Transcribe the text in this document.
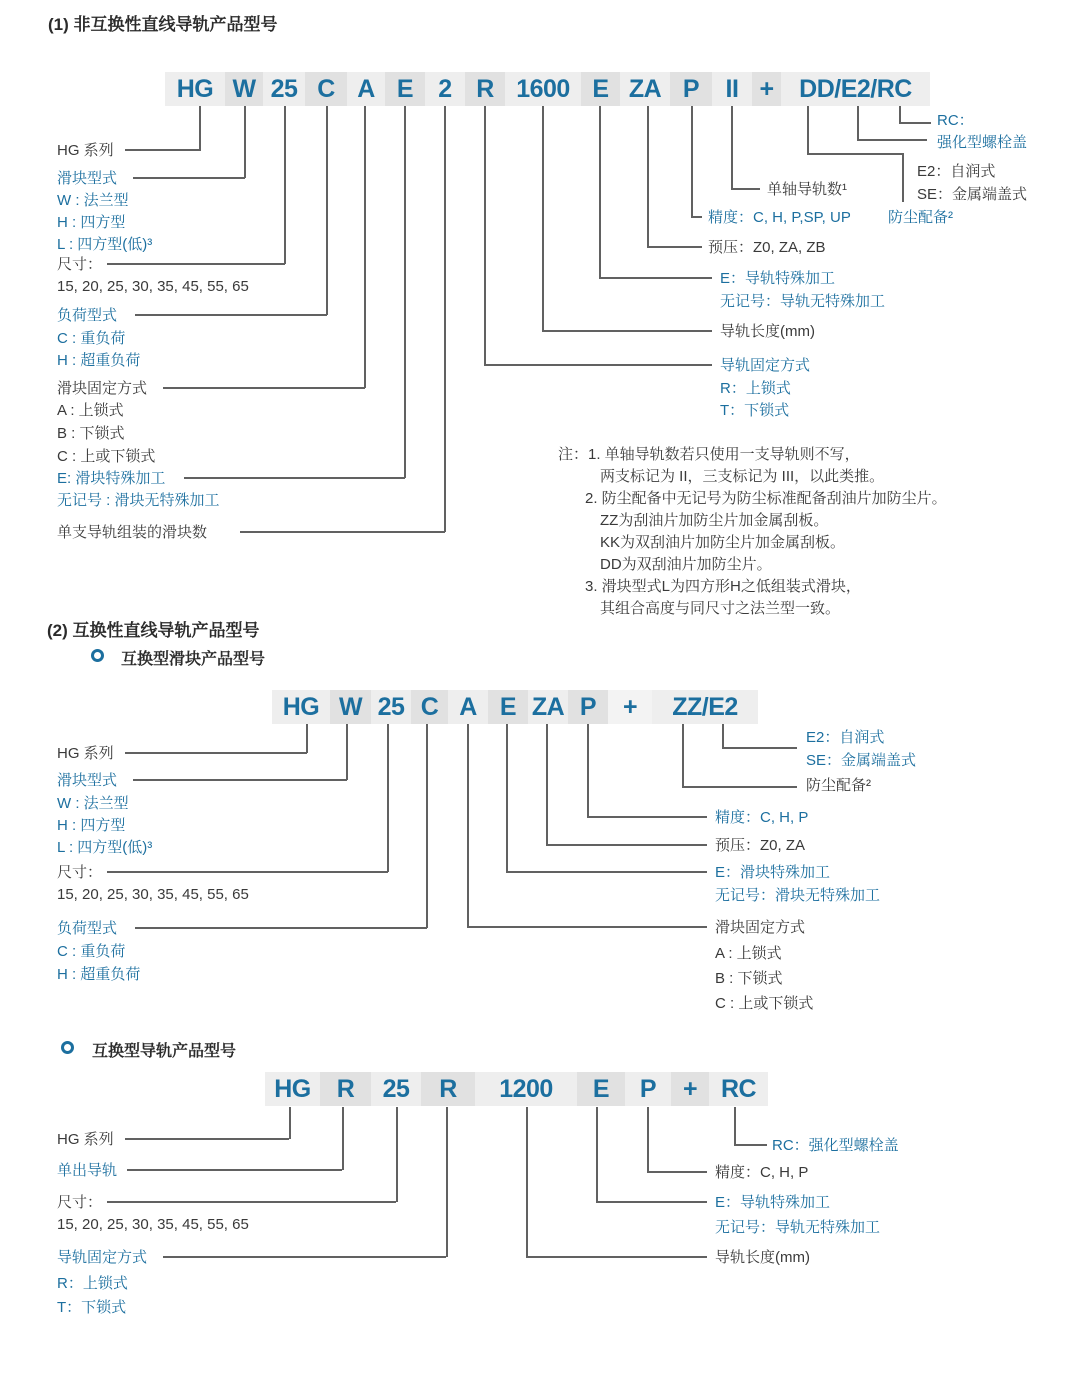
(1) 非互换性直线导轨产品型号
HG W 25 C A E	2 R 1600 E ZA P	II +	DD/E2/RC
HG 系列
滑块型式
W : 法兰型
H : 四方型
L : 四方型(低)³
尺寸：
15, 20, 25, 30, 35, 45, 55, 65
负荷型式
C : 重负荷
H : 超重负荷
滑块固定方式
A : 上锁式
B : 下锁式
C : 上或下锁式
E: 滑块特殊加工
无记号 : 滑块无特殊加工
单支导轨组装的滑块数
RC：
强化型螺栓盖
E2：自润式
SE：金属端盖式
单轴导轨数¹
精度：C, H, P,SP, UP 防尘配备²
预压：Z0, ZA, ZB
E：导轨特殊加工
无记号：导轨无特殊加工
导轨长度(mm)
导轨固定方式
R：上锁式
T：下锁式
注：1. 单轴导轨数若只使用一支导轨则不写，
两支标记为 II，三支标记为 III，以此类推。
2. 防尘配备中无记号为防尘标准配备刮油片加防尘片。
ZZ为刮油片加防尘片加金属刮板。
KK为双刮油片加防尘片加金属刮板。
DD为双刮油片加防尘片。
3. 滑块型式L为四方形H之低组装式滑块，
其组合高度与同尺寸之法兰型一致。
(2) 互换性直线导轨产品型号
互换型滑块产品型号
HG W 25 C A E ZA P	+	ZZ/E2
HG 系列
滑块型式
W : 法兰型
H : 四方型
L : 四方型(低)³
尺寸：
15, 20, 25, 30, 35, 45, 55, 65
负荷型式
C : 重负荷
H : 超重负荷
E2：自润式
SE：金属端盖式
防尘配备²
精度：C, H, P
预压：Z0, ZA
E：滑块特殊加工
无记号：滑块无特殊加工
滑块固定方式
A : 上锁式
B : 下锁式
C : 上或下锁式
互换型导轨产品型号
HG	R	25	R	1200	E	P	+ RC
HG 系列
单出导轨
尺寸：
15, 20, 25, 30, 35, 45, 55, 65
导轨固定方式
R：上锁式
T：下锁式
RC：强化型螺栓盖
精度：C, H, P
E：导轨特殊加工
无记号：导轨无特殊加工
导轨长度(mm)
